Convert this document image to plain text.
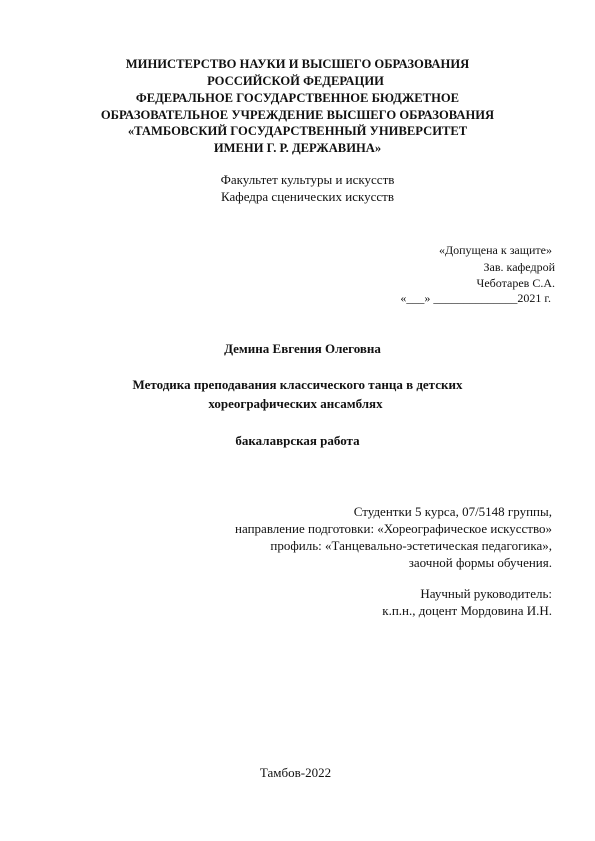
МИНИСТЕРСТВО НАУКИ И ВЫСШЕГО ОБРАЗОВАНИЯ
РОССИЙСКОЙ ФЕДЕРАЦИИ
ФЕДЕРАЛЬНОЕ ГОСУДАРСТВЕННОЕ БЮДЖЕТНОЕ
ОБРАЗОВАТЕЛЬНОЕ УЧРЕЖДЕНИЕ ВЫСШЕГО ОБРАЗОВАНИЯ
«ТАМБОВСКИЙ ГОСУДАРСТВЕННЫЙ УНИВЕРСИТЕТ
ИМЕНИ Г. Р. ДЕРЖАВИНА»
Факультет культуры и искусств
Кафедра сценических искусств
«Допущена к защите»
Зав. кафедрой
Чеботарев С.А.
«___» ______________2021 г.
Демина Евгения Олеговна
Методика преподавания классического танца в детских
хореографических ансамблях
бакалаврская работа
Студентки 5 курса, 07/5148 группы,
направление подготовки: «Хореографическое искусство»
профиль: «Танцевально-эстетическая педагогика»,
заочной формы обучения.
Научный руководитель:
к.п.н., доцент Мордовина И.Н.
Тамбов-2022
